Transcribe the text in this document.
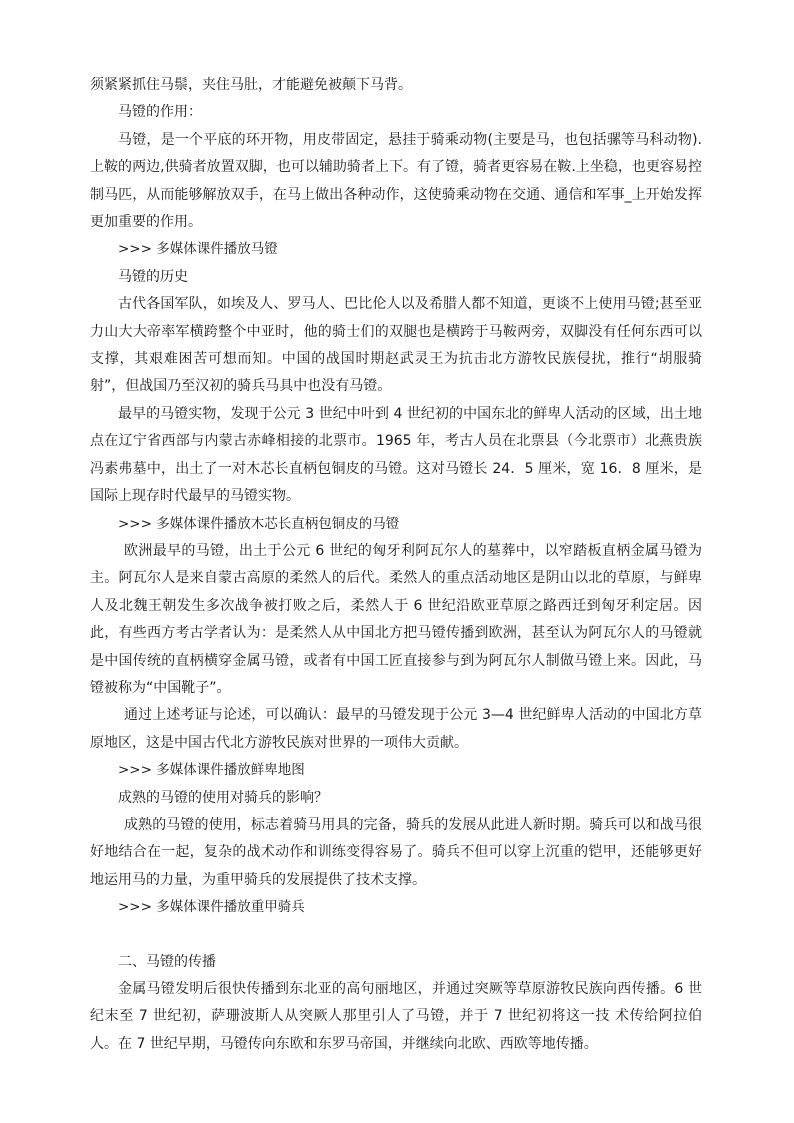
须紧紧抓住马鬃，夹住马肚，才能避免被颠下马背。

马镫的作用：

马镫，是一个平底的环开物，用皮带固定，悬挂于骑乘动物(主要是马，也包括骡等马科动物).上鞍的两边,供骑者放置双脚，也可以辅助骑者上下。有了镫，骑者更容易在鞍.上坐稳，也更容易控制马匹，从而能够解放双手，在马上做出各种动作，这使骑乘动物在交通、通信和军事_上开始发挥更加重要的作用。

>>> 多媒体课件播放马镫

马镫的历史

古代各国军队，如埃及人、罗马人、巴比伦人以及希腊人都不知道，更谈不上使用马镫;甚至亚力山大大帝率军横跨整个中亚时，他的骑士们的双腿也是横跨于马鞍两旁，双脚没有任何东西可以支撑，其艰难困苦可想而知。中国的战国时期赵武灵王为抗击北方游牧民族侵扰，推行“胡服骑射”，但战国乃至汉初的骑兵马具中也没有马镫。

最早的马镫实物，发现于公元 3 世纪中叶到 4 世纪初的中国东北的鲜卑人活动的区域，出土地点在辽宁省西部与内蒙古赤峰相接的北票市。1965 年，考古人员在北票县（今北票市）北燕贵族冯素弗墓中，出土了一对木芯长直柄包铜皮的马镫。这对马镫长 24．5 厘米，宽 16．8 厘米，是国际上现存时代最早的马镫实物。

>>> 多媒体课件播放木芯长直柄包铜皮的马镫

欧洲最早的马镫，出土于公元 6 世纪的匈牙利阿瓦尔人的墓葬中，以窄踏板直柄金属马镫为主。阿瓦尔人是来自蒙古高原的柔然人的后代。柔然人的重点活动地区是阴山以北的草原，与鲜卑人及北魏王朝发生多次战争被打败之后，柔然人于 6 世纪沿欧亚草原之路西迁到匈牙利定居。因此，有些西方考古学者认为：是柔然人从中国北方把马镫传播到欧洲，甚至认为阿瓦尔人的马镫就是中国传统的直柄横穿金属马镫，或者有中国工匠直接参与到为阿瓦尔人制做马镫上来。因此，马镫被称为“中国靴子”。

通过上述考证与论述，可以确认：最早的马镫发现于公元 3—4 世纪鲜卑人活动的中国北方草原地区，这是中国古代北方游牧民族对世界的一项伟大贡献。

>>> 多媒体课件播放鲜卑地图

成熟的马镫的使用对骑兵的影响？

成熟的马镫的使用，标志着骑马用具的完备，骑兵的发展从此进人新时期。骑兵可以和战马很好地结合在一起，复杂的战术动作和训练变得容易了。骑兵不但可以穿上沉重的铠甲，还能够更好地运用马的力量，为重甲骑兵的发展提供了技术支撑。

>>> 多媒体课件播放重甲骑兵

二、马镫的传播

金属马镫发明后很快传播到东北亚的高句丽地区，并通过突厥等草原游牧民族向西传播。6 世纪末至 7 世纪初，萨珊波斯人从突厥人那里引人了马镫，并于 7 世纪初将这一技 术传给阿拉伯人。在 7 世纪早期，马镫传向东欧和东罗马帝国，并继续向北欧、西欧等地传播。
